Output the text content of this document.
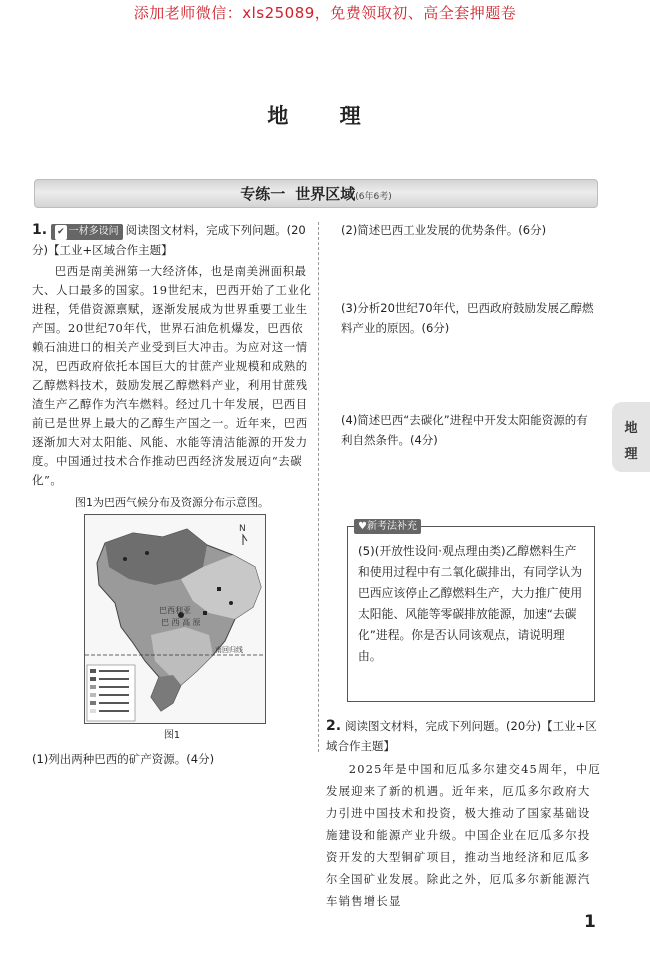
添加老师微信：xls25089，免费领取初、高全套押题卷
地 理
专练一 世界区域(6年6考)
1. ✔ 一材多设问 阅读图文材料，完成下列问题。(20分)【工业+区域合作主题】
巴西是南美洲第一大经济体，也是南美洲面积最大、人口最多的国家。19世纪末，巴西开始了工业化进程，凭借资源禀赋，逐渐发展成为世界重要工业生产国。20世纪70年代，世界石油危机爆发，巴西依赖石油进口的相关产业受到巨大冲击。为应对这一情况，巴西政府依托本国巨大的甘蔗产业规模和成熟的乙醇燃料技术，鼓励发展乙醇燃料产业，利用甘蔗残渣生产乙醇作为汽车燃料。经过几十年发展，巴西目前已是世界上最大的乙醇生产国之一。近年来，巴西逐渐加大对太阳能、风能、水能等清洁能源的开发力度。中国通过技术合作推动巴西经济发展迈向“去碳化”。
图1为巴西气候分布及资源分布示意图。
N
巴西利亚
巴 西 高 原
南回归线
图1
(1)列出两种巴西的矿产资源。(4分)
(2)简述巴西工业发展的优势条件。(6分)
(3)分析20世纪70年代，巴西政府鼓励发展乙醇燃料产业的原因。(6分)
(4)简述巴西“去碳化”进程中开发太阳能资源的有利自然条件。(4分)
♥新考法补充
(5)(开放性设问·观点理由类)乙醇燃料生产和使用过程中有二氧化碳排出，有同学认为巴西应该停止乙醇燃料生产，大力推广使用太阳能、风能等零碳排放能源，加速“去碳化”进程。你是否认同该观点，请说明理由。
2. 阅读图文材料，完成下列问题。(20分)【工业+区域合作主题】
2025年是中国和厄瓜多尔建交45周年，中厄发展迎来了新的机遇。近年来，厄瓜多尔政府大力引进中国技术和投资，极大推动了国家基础设施建设和能源产业升级。中国企业在厄瓜多尔投资开发的大型铜矿项目，推动当地经济和厄瓜多尔全国矿业发展。除此之外，厄瓜多尔新能源汽车销售增长显
地
理
1
